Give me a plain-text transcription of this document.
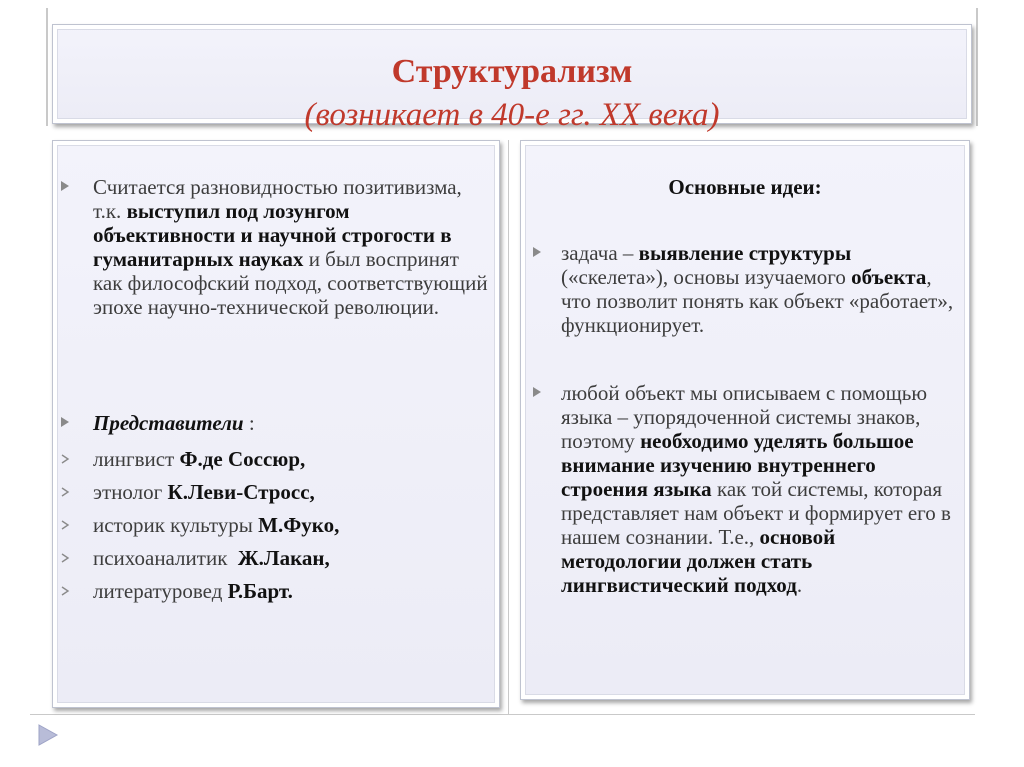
Структурализм
(возникает в 40-е гг. XX века)
Считается разновидностью позитивизма, т.к. выступил под лозунгом объективности и научной строгости в гуманитарных науках и был воспринят как философский подход, соответствующий эпохе научно-технической революции.
Представители :
лингвист Ф.де Соссюр,
этнолог К.Леви-Стросс,
историк культуры М.Фуко,
психоаналитик  Ж.Лакан,
литературовед Р.Барт.
Основные идеи:
задача – выявление структуры («скелета»), основы изучаемого объекта, что позволит понять как объект «работает», функционирует.
любой объект мы описываем с помощью языка – упорядоченной системы знаков, поэтому необходимо уделять большое внимание изучению внутреннего строения языка как той системы, которая представляет нам объект и формирует его в нашем сознании. Т.е., основой методологии должен стать лингвистический подход.
